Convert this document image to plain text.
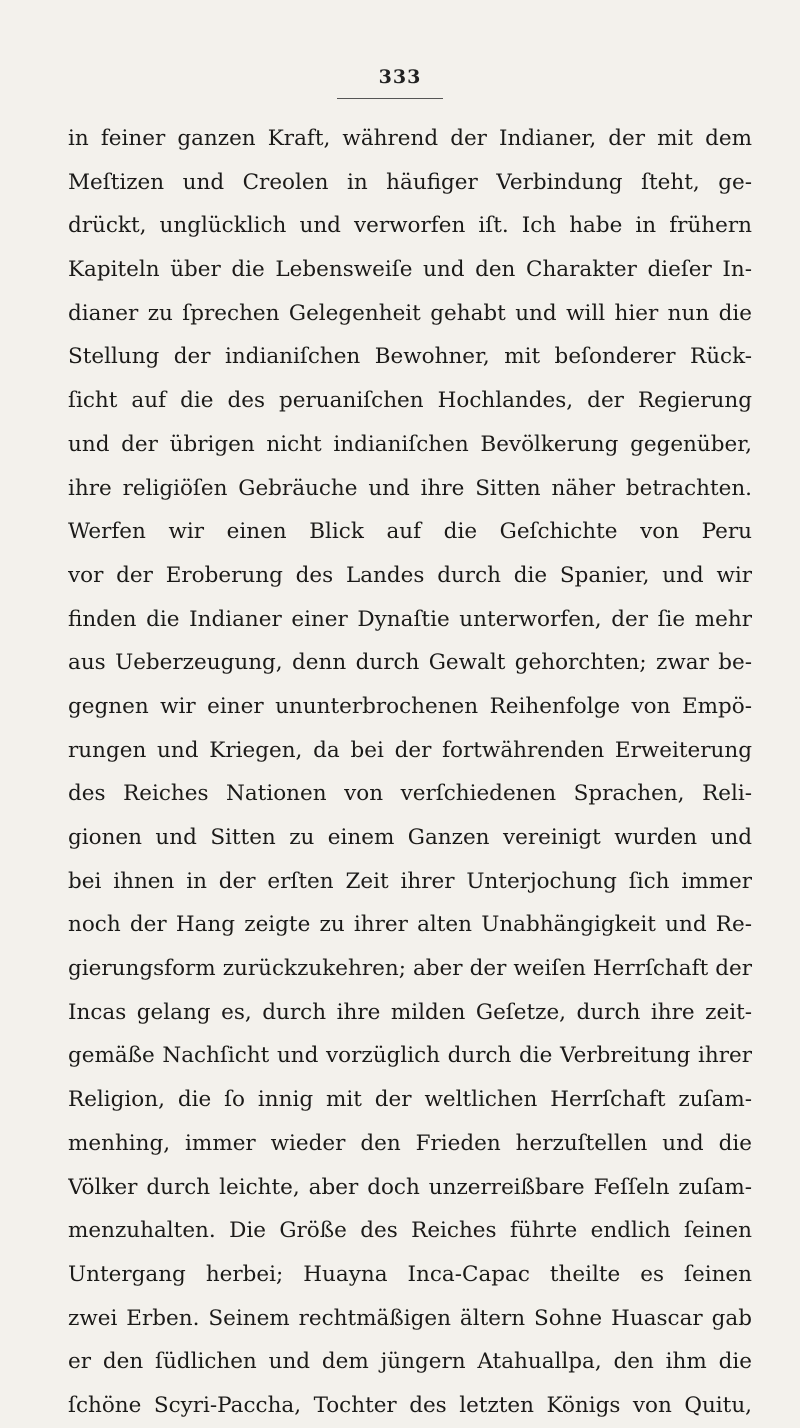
333
in feiner ganzen Kraft, während der Indianer, der mit dem
Meſtizen und Creolen in häufiger Verbindung ſteht, ge-
drückt, unglücklich und verworfen iſt. Ich habe in frühern
Kapiteln über die Lebensweiſe und den Charakter dieſer In-
dianer zu ſprechen Gelegenheit gehabt und will hier nun die
Stellung der indianiſchen Bewohner, mit beſonderer Rück-
ſicht auf die des peruaniſchen Hochlandes, der Regierung
und der übrigen nicht indianiſchen Bevölkerung gegenüber,
ihre religiöſen Gebräuche und ihre Sitten näher betrachten.
Werfen wir einen Blick auf die Geſchichte von Peru
vor der Eroberung des Landes durch die Spanier, und wir
finden die Indianer einer Dynaſtie unterworfen, der ſie mehr
aus Ueberzeugung, denn durch Gewalt gehorchten; zwar be-
gegnen wir einer ununterbrochenen Reihenfolge von Empö-
rungen und Kriegen, da bei der fortwährenden Erweiterung
des Reiches Nationen von verſchiedenen Sprachen, Reli-
gionen und Sitten zu einem Ganzen vereinigt wurden und
bei ihnen in der erſten Zeit ihrer Unterjochung ſich immer
noch der Hang zeigte zu ihrer alten Unabhängigkeit und Re-
gierungsform zurückzukehren; aber der weiſen Herrſchaft der
Incas gelang es, durch ihre milden Geſetze, durch ihre zeit-
gemäße Nachſicht und vorzüglich durch die Verbreitung ihrer
Religion, die ſo innig mit der weltlichen Herrſchaft zuſam-
menhing, immer wieder den Frieden herzuſtellen und die
Völker durch leichte, aber doch unzerreißbare Feſſeln zuſam-
menzuhalten. Die Größe des Reiches führte endlich ſeinen
Untergang herbei; Huayna Inca-Capac theilte es ſeinen
zwei Erben. Seinem rechtmäßigen ältern Sohne Huascar gab
er den ſüdlichen und dem jüngern Atahuallpa, den ihm die
ſchöne Scyri-Paccha, Tochter des letzten Königs von Quitu,
